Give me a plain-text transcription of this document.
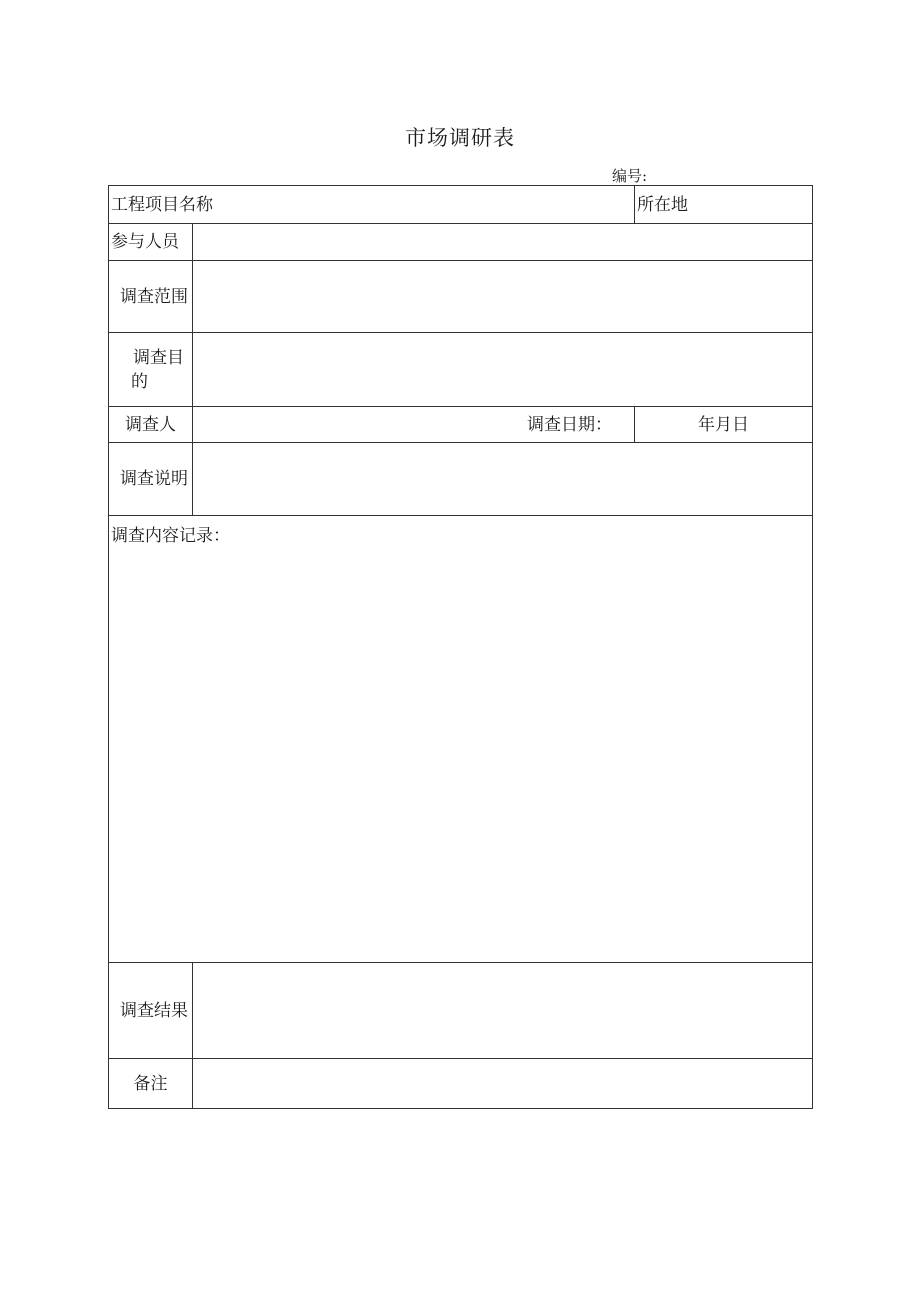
市场调研表
编号:
工程项目名称		所在地
参与人员		
调查范围		

调查目
的		

调查人	调查日期：	年月日
调查说明		
调查内容记录：		
调查结果		
备注		
